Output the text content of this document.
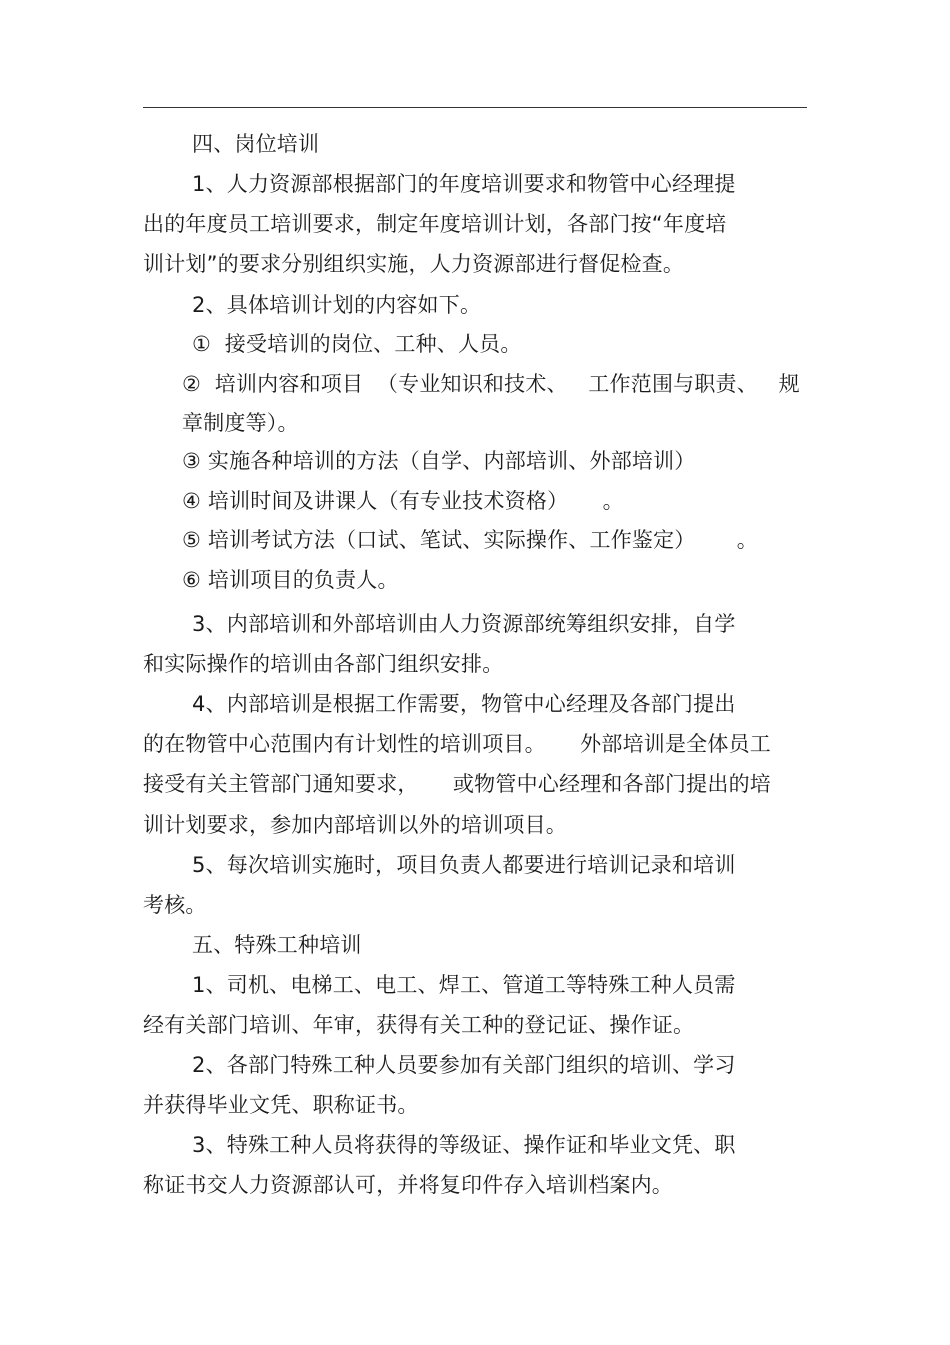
四、岗位培训
1、人力资源部根据部门的年度培训要求和物管中心经理提
出的年度员工培训要求，制定年度培训计划，各部门按“年度培
训计划”的要求分别组织实施，人力资源部进行督促检查。
2、具体培训计划的内容如下。
①  接受培训的岗位、工种、人员。
②  培训内容和项目  （专业知识和技术、   工作范围与职责、   规
章制度等）。
③ 实施各种培训的方法（自学、内部培训、外部培训）
④ 培训时间及讲课人（有专业技术资格）     。
⑤ 培训考试方法（口试、笔试、实际操作、工作鉴定）      。
⑥ 培训项目的负责人。
3、内部培训和外部培训由人力资源部统筹组织安排，自学
和实际操作的培训由各部门组织安排。
4、内部培训是根据工作需要，物管中心经理及各部门提出
的在物管中心范围内有计划性的培训项目。     外部培训是全体员工
接受有关主管部门通知要求，     或物管中心经理和各部门提出的培
训计划要求，参加内部培训以外的培训项目。
5、每次培训实施时，项目负责人都要进行培训记录和培训
考核。
五、特殊工种培训
1、司机、电梯工、电工、焊工、管道工等特殊工种人员需
经有关部门培训、年审，获得有关工种的登记证、操作证。
2、各部门特殊工种人员要参加有关部门组织的培训、学习
并获得毕业文凭、职称证书。
3、特殊工种人员将获得的等级证、操作证和毕业文凭、职
称证书交人力资源部认可，并将复印件存入培训档案内。
